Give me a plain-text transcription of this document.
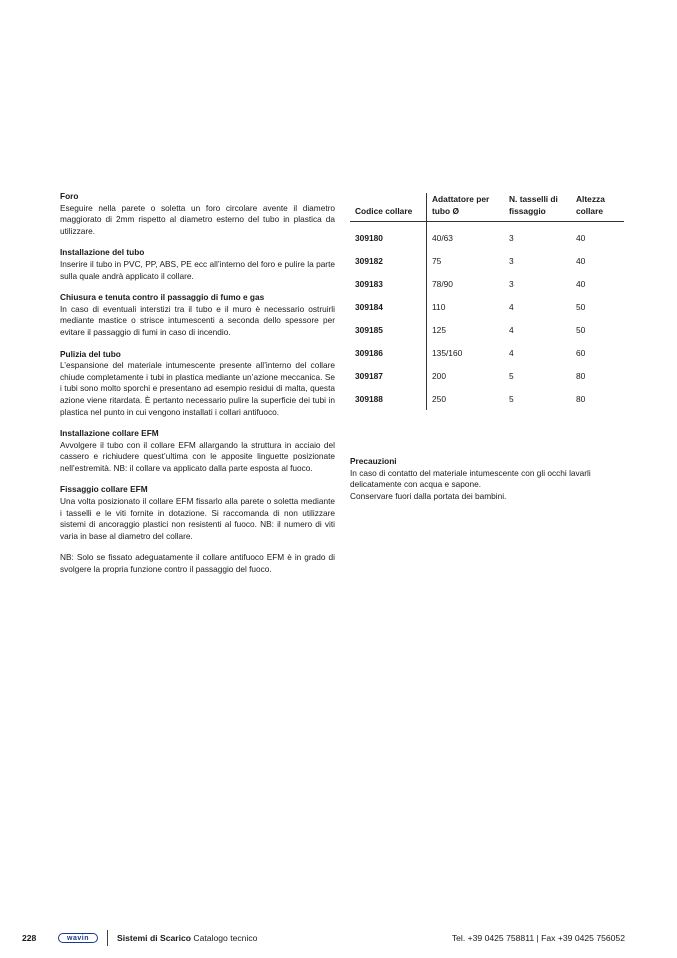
Foro

Eseguire nella parete o soletta un foro circolare avente il diametro maggiorato di 2mm rispetto al diametro esterno del tubo in plastica da utilizzare.

Installazione del tubo

Inserire il tubo in PVC, PP, ABS, PE ecc all’interno del foro e pulire la parte sulla quale andrà applicato il collare.

Chiusura e tenuta contro il passaggio di fumo e gas

In caso di eventuali interstizi tra il tubo e il muro è necessario ostruirli mediante mastice o strisce intumescenti a seconda dello spessore per evitare il passaggio di fumi in caso di incendio.

Pulizia del tubo

L’espansione del materiale intumescente presente all’interno del collare chiude completamente i tubi in plastica mediante un’azione meccanica. Se i tubi sono molto sporchi e presentano ad esempio residui di malta, questa azione viene ritardata. È pertanto necessario pulire la superficie dei tubi in plastica nel punto in cui vengono installati i collari antifuoco.

Installazione collare EFM

Avvolgere il tubo con il collare EFM allargando la struttura in acciaio del cassero e richiudere quest’ultima con le apposite linguette posizionate nell’estremità. NB: il collare va applicato dalla parte esposta al fuoco.

Fissaggio collare EFM

Una volta posizionato il collare EFM fissarlo alla parete o soletta mediante i tasselli e le viti fornite in dotazione. Si raccomanda di non utilizzare sistemi di ancoraggio plastici non resistenti al fuoco. NB: il numero di viti varia in base al diametro del collare.

NB: Solo se fissato adeguatamente il collare antifuoco EFM è in grado di svolgere la propria funzione contro il passaggio del fuoco.

Codice collare	Adattatore per tubo Ø	N. tasselli di fissaggio	Altezza collare
309180	40/63	3	40
309182	75	3	40
309183	78/90	3	40
309184	110	4	50
309185	125	4	50
309186	135/160	4	60
309187	200	5	80
309188	250	5	80
Precauzioni

In caso di contatto del materiale intumescente con gli occhi lavarli delicatamente con acqua e sapone.

Conservare fuori dalla portata dei bambini.

228	wavin	Sistemi di Scarico Catalogo tecnico	Tel. +39 0425 758811 | Fax +39 0425 756052
